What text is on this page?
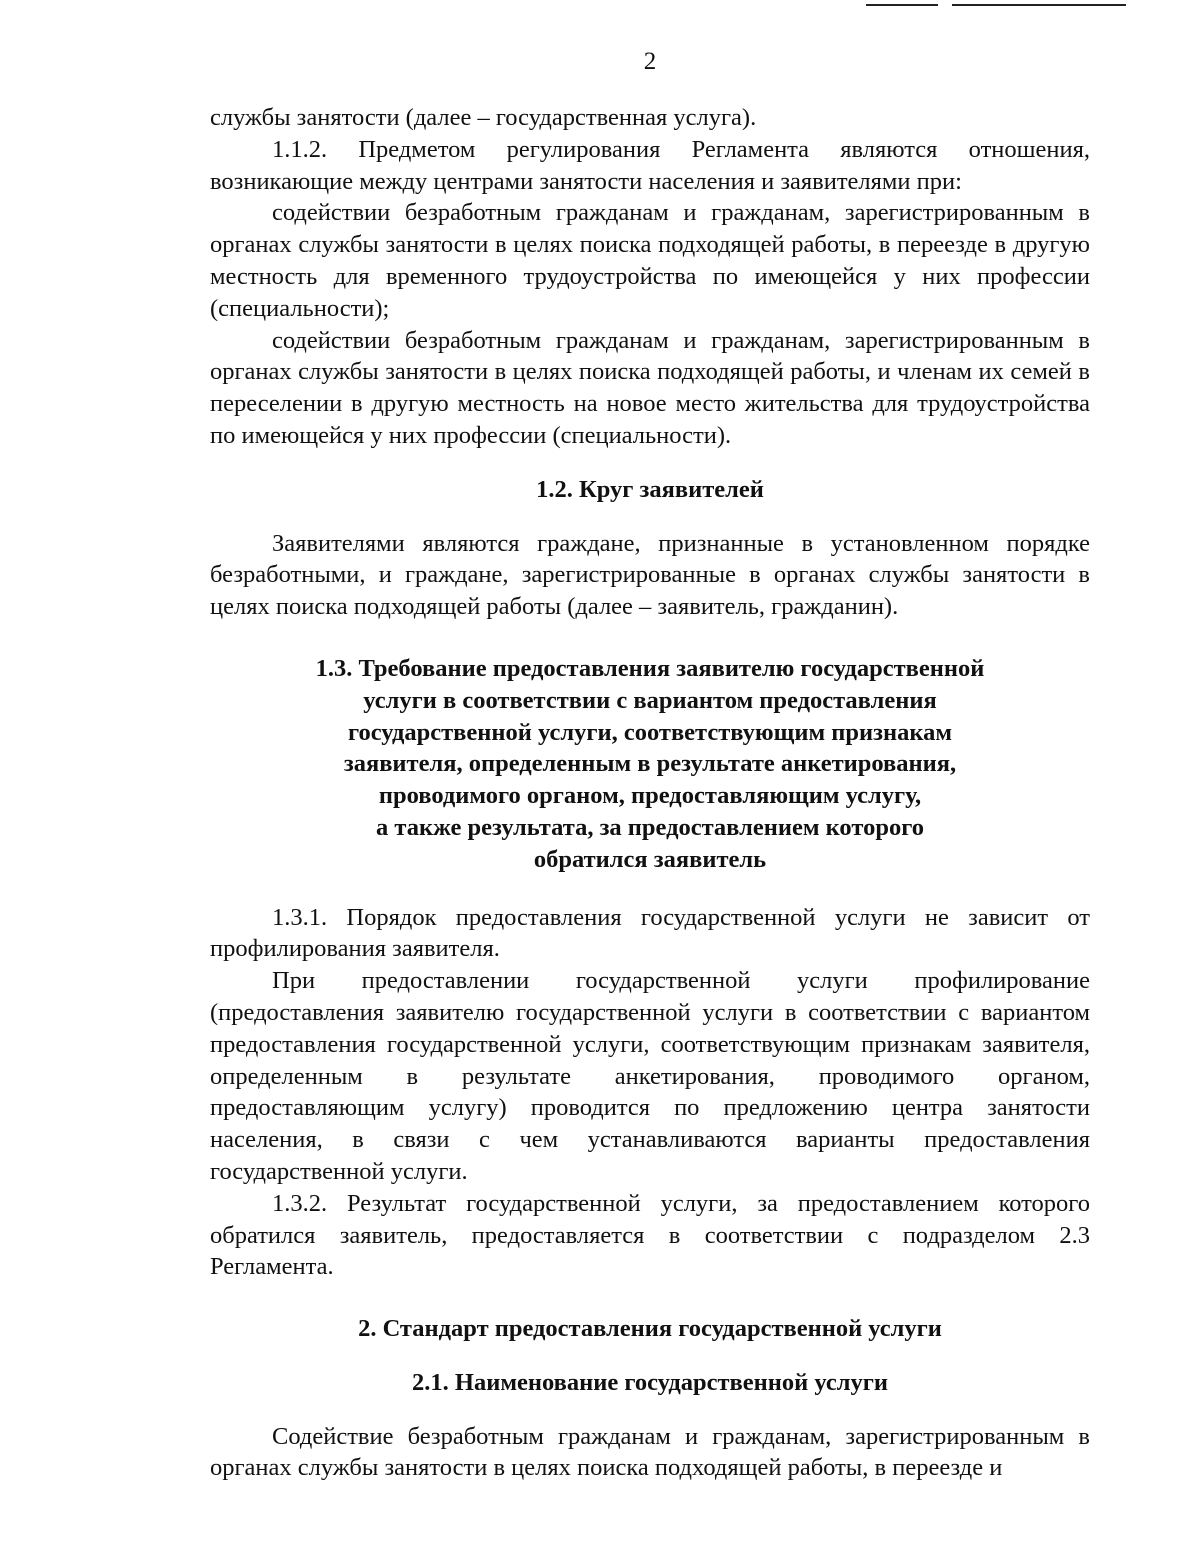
2

службы занятости (далее – государственная услуга).

1.1.2. Предметом регулирования Регламента являются отношения, возникающие между центрами занятости населения и заявителями при:

содействии безработным гражданам и гражданам, зарегистрированным в органах службы занятости в целях поиска подходящей работы, в переезде в другую местность для временного трудоустройства по имеющейся у них профессии (специальности);

содействии безработным гражданам и гражданам, зарегистрированным в органах службы занятости в целях поиска подходящей работы, и членам их семей в переселении в другую местность на новое место жительства для трудоустройства по имеющейся у них профессии (специальности).

1.2. Круг заявителей

Заявителями являются граждане, признанные в установленном порядке безработными, и граждане, зарегистрированные в органах службы занятости в целях поиска подходящей работы (далее – заявитель, гражданин).

1.3. Требование предоставления заявителю государственной
услуги в соответствии с вариантом предоставления
государственной услуги, соответствующим признакам
заявителя, определенным в результате анкетирования,
проводимого органом, предоставляющим услугу,
а также результата, за предоставлением которого
обратился заявитель

1.3.1. Порядок предоставления государственной услуги не зависит от профилирования заявителя.

При предоставлении государственной услуги профилирование (предоставления заявителю государственной услуги в соответствии с вариантом предоставления государственной услуги, соответствующим признакам заявителя, определенным в результате анкетирования, проводимого органом, предоставляющим услугу) проводится по предложению центра занятости населения, в связи с чем устанавливаются варианты предоставления государственной услуги.

1.3.2. Результат государственной услуги, за предоставлением которого обратился заявитель, предоставляется в соответствии с подразделом 2.3 Регламента.

2. Стандарт предоставления государственной услуги
2.1. Наименование государственной услуги

Содействие безработным гражданам и гражданам, зарегистрированным в органах службы занятости в целях поиска подходящей работы, в переезде и
